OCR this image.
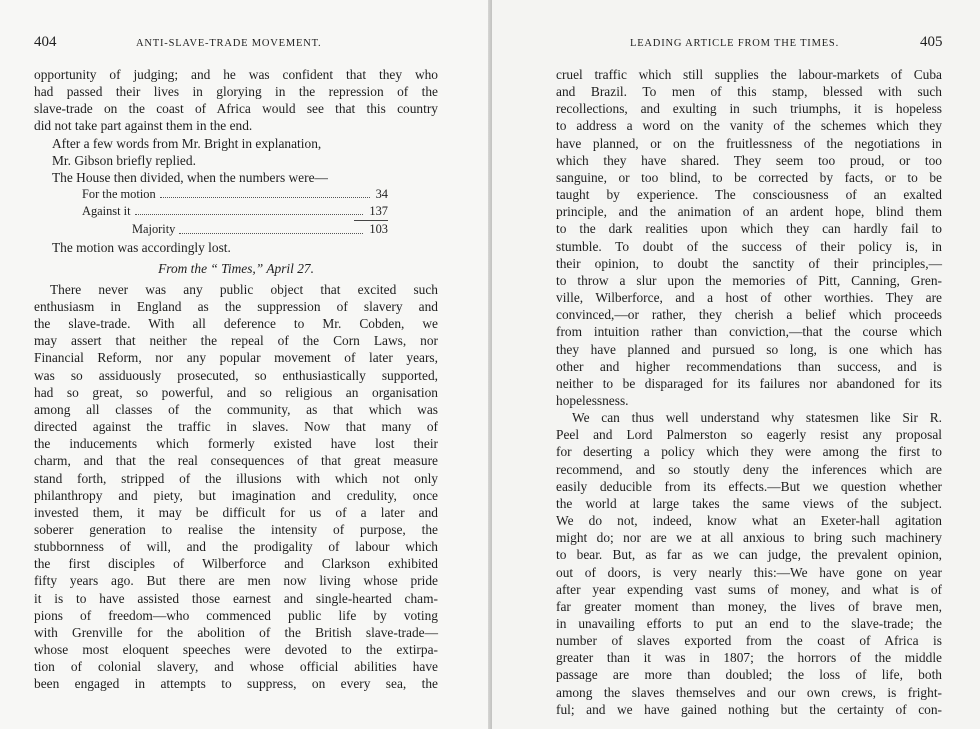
404	ANTI-SLAVE-TRADE MOVEMENT.
opportunity of judging; and he was confident that they who
had passed their lives in glorying in the repression of the
slave-trade on the coast of Africa would see that this country
did not take part against them in the end.
After a few words from Mr. Bright in explanation,
Mr. Gibson briefly replied.
The House then divided, when the numbers were—
For the motion	34
Against it	137
Majority	103
The motion was accordingly lost.
From the “ Times,” April 27.
There never was any public object that excited such
enthusiasm in England as the suppression of slavery and
the slave-trade. With all deference to Mr. Cobden, we
may assert that neither the repeal of the Corn Laws, nor
Financial Reform, nor any popular movement of later years,
was so assiduously prosecuted, so enthusiastically supported,
had so great, so powerful, and so religious an organisation
among all classes of the community, as that which was
directed against the traffic in slaves. Now that many of
the inducements which formerly existed have lost their
charm, and that the real consequences of that great measure
stand forth, stripped of the illusions with which not only
philanthropy and piety, but imagination and credulity, once
invested them, it may be difficult for us of a later and
soberer generation to realise the intensity of purpose, the
stubbornness of will, and the prodigality of labour which
the first disciples of Wilberforce and Clarkson exhibited
fifty years ago. But there are men now living whose pride
it is to have assisted those earnest and single-hearted cham-
pions of freedom—who commenced public life by voting
with Grenville for the abolition of the British slave-trade—
whose most eloquent speeches were devoted to the extirpa-
tion of colonial slavery, and whose official abilities have
been engaged in attempts to suppress, on every sea, the
LEADING ARTICLE FROM THE TIMES.	405
cruel traffic which still supplies the labour-markets of Cuba
and Brazil. To men of this stamp, blessed with such
recollections, and exulting in such triumphs, it is hopeless
to address a word on the vanity of the schemes which they
have planned, or on the fruitlessness of the negotiations in
which they have shared. They seem too proud, or too
sanguine, or too blind, to be corrected by facts, or to be
taught by experience. The consciousness of an exalted
principle, and the animation of an ardent hope, blind them
to the dark realities upon which they can hardly fail to
stumble. To doubt of the success of their policy is, in
their opinion, to doubt the sanctity of their principles,—
to throw a slur upon the memories of Pitt, Canning, Gren-
ville, Wilberforce, and a host of other worthies. They are
convinced,—or rather, they cherish a belief which proceeds
from intuition rather than conviction,—that the course which
they have planned and pursued so long, is one which has
other and higher recommendations than success, and is
neither to be disparaged for its failures nor abandoned for its
hopelessness.
We can thus well understand why statesmen like Sir R.
Peel and Lord Palmerston so eagerly resist any proposal
for deserting a policy which they were among the first to
recommend, and so stoutly deny the inferences which are
easily deducible from its effects.—But we question whether
the world at large takes the same views of the subject.
We do not, indeed, know what an Exeter-hall agitation
might do; nor are we at all anxious to bring such machinery
to bear. But, as far as we can judge, the prevalent opinion,
out of doors, is very nearly this:—We have gone on year
after year expending vast sums of money, and what is of
far greater moment than money, the lives of brave men,
in unavailing efforts to put an end to the slave-trade; the
number of slaves exported from the coast of Africa is
greater than it was in 1807; the horrors of the middle
passage are more than doubled; the loss of life, both
among the slaves themselves and our own crews, is fright-
ful; and we have gained nothing but the certainty of con-
